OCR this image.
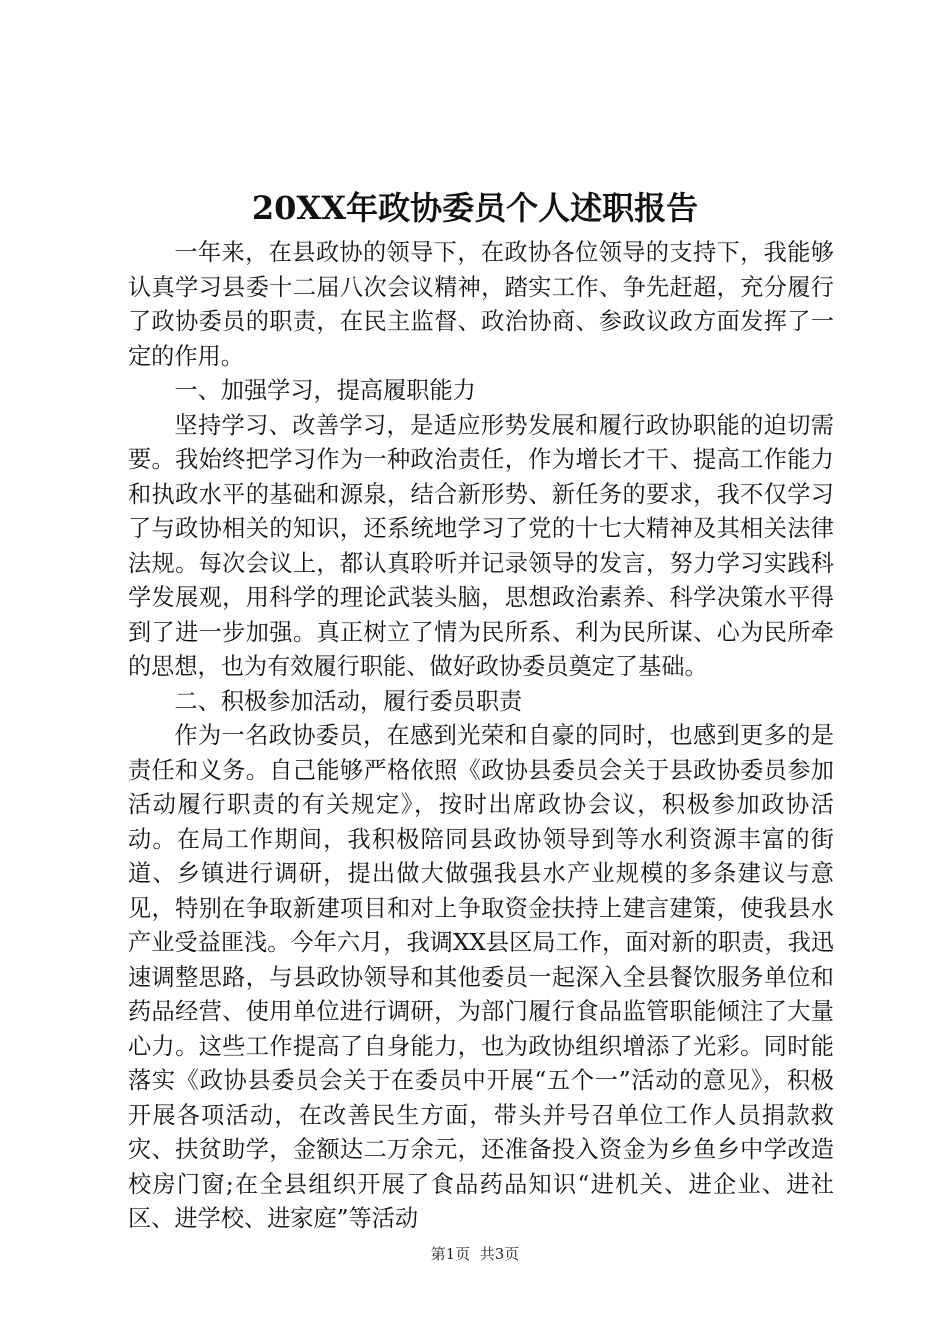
20XX年政协委员个人述职报告

一年来，在县政协的领导下，在政协各位领导的支持下，我能够认真学习县委十二届八次会议精神，踏实工作、争先赶超，充分履行了政协委员的职责，在民主监督、政治协商、参政议政方面发挥了一定的作用。

一、加强学习，提高履职能力

坚持学习、改善学习，是适应形势发展和履行政协职能的迫切需要。我始终把学习作为一种政治责任，作为增长才干、提高工作能力和执政水平的基础和源泉，结合新形势、新任务的要求，我不仅学习了与政协相关的知识，还系统地学习了党的十七大精神及其相关法律法规。每次会议上，都认真聆听并记录领导的发言，努力学习实践科学发展观，用科学的理论武装头脑，思想政治素养、科学决策水平得到了进一步加强。真正树立了情为民所系、利为民所谋、心为民所牵的思想，也为有效履行职能、做好政协委员奠定了基础。

二、积极参加活动，履行委员职责

作为一名政协委员，在感到光荣和自豪的同时，也感到更多的是责任和义务。自己能够严格依照《政协县委员会关于县政协委员参加活动履行职责的有关规定》，按时出席政协会议，积极参加政协活动。在局工作期间，我积极陪同县政协领导到等水利资源丰富的街道、乡镇进行调研，提出做大做强我县水产业规模的多条建议与意见，特别在争取新建项目和对上争取资金扶持上建言建策，使我县水产业受益匪浅。今年六月，我调XX县区局工作，面对新的职责，我迅速调整思路，与县政协领导和其他委员一起深入全县餐饮服务单位和药品经营、使用单位进行调研，为部门履行食品监管职能倾注了大量心力。这些工作提高了自身能力，也为政协组织增添了光彩。同时能落实《政协县委员会关于在委员中开展“五个一”活动的意见》，积极开展各项活动，在改善民生方面，带头并号召单位工作人员捐款救灾、扶贫助学，金额达二万余元，还准备投入资金为乡鱼乡中学改造校房门窗;在全县组织开展了食品药品知识“进机关、进企业、进社区、进学校、进家庭”等活动

第1页 共3页
